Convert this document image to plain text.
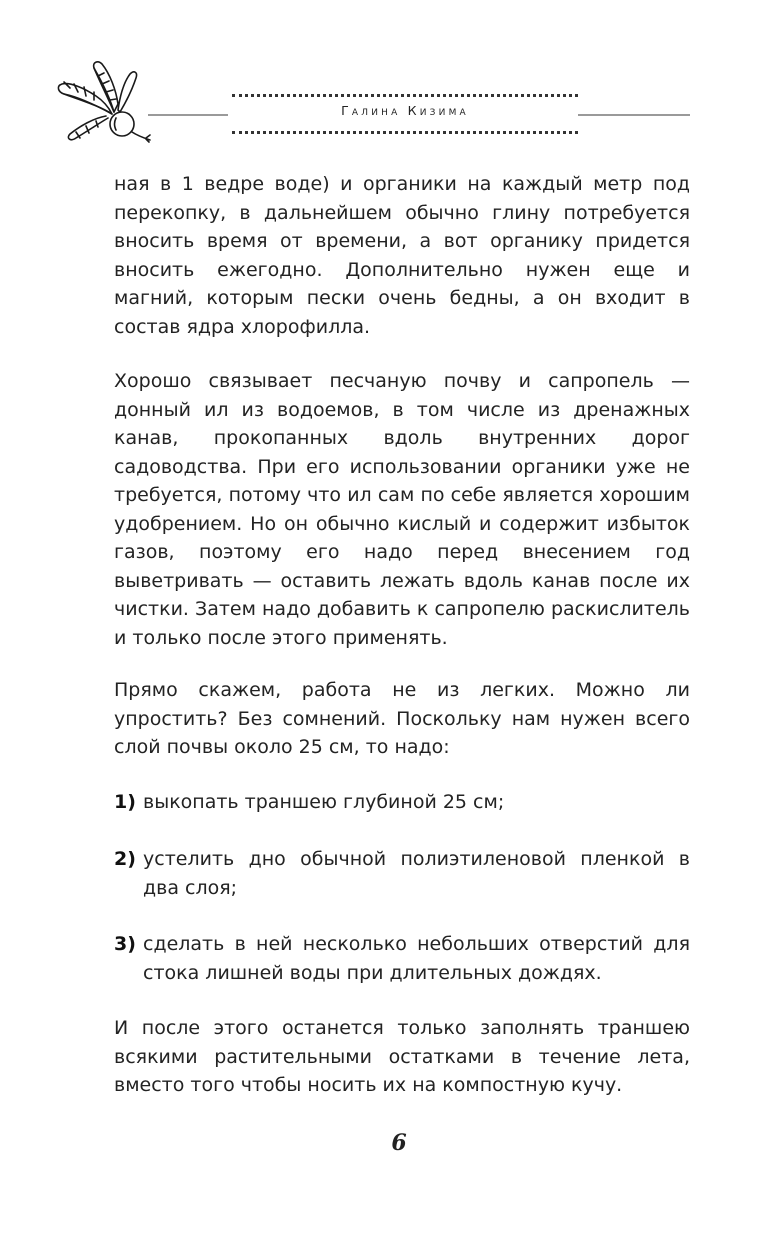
Галина Кизима

ная в 1 ведре воде) и органики на каждый метр под перекопку, в дальнейшем обычно глину потребуется вносить время от времени, а вот органику придется вносить ежегодно. Дополнительно нужен еще и магний, которым пески очень бедны, а он входит в состав ядра хлорофилла.

Хорошо связывает песчаную почву и сапропель — донный ил из водоемов, в том числе из дренажных канав, прокопанных вдоль внутренних дорог садоводства. При его использовании органики уже не требуется, потому что ил сам по себе является хорошим удобрением. Но он обычно кислый и содержит избыток газов, поэтому его надо перед внесением год выветривать — оставить лежать вдоль канав после их чистки. Затем надо добавить к сапропелю раскислитель и только после этого применять.

Прямо скажем, работа не из легких. Можно ли упростить? Без сомнений. Поскольку нам нужен всего слой почвы около 25 см, то надо:

1) выкопать траншею глубиной 25 см;

2) устелить дно обычной полиэтиленовой пленкой в два слоя;

3) сделать в ней несколько небольших отверстий для стока лишней воды при длительных дождях.

И после этого останется только заполнять траншею всякими растительными остатками в течение лета, вместо того чтобы носить их на компостную кучу.

6
